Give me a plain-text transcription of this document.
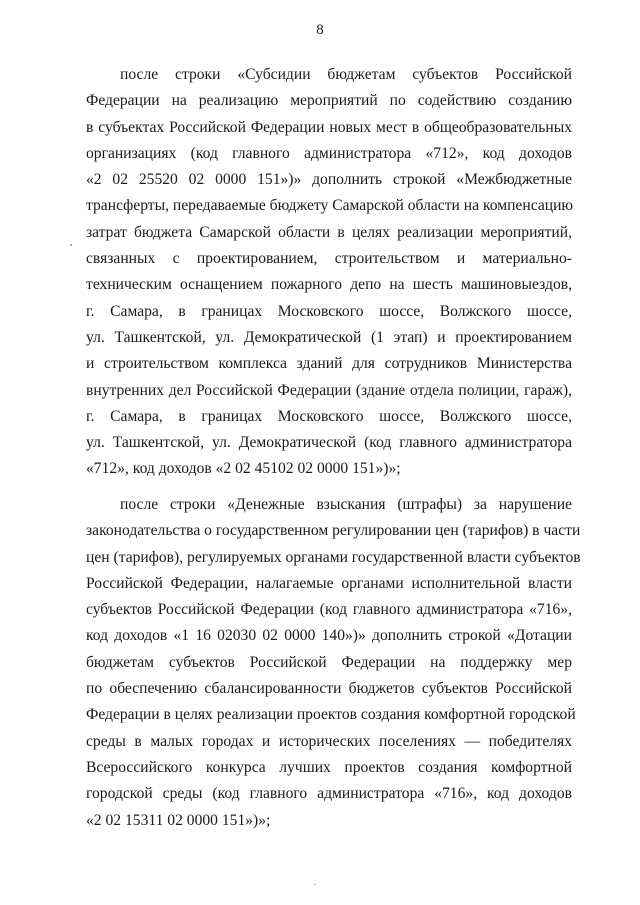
8
после строки «Субсидии бюджетам субъектов Российской
Федерации на реализацию мероприятий по содействию созданию
в субъектах Российской Федерации новых мест в общеобразовательных
организациях (код главного администратора «712», код доходов
«2 02 25520 02 0000 151»)» дополнить строкой «Межбюджетные
трансферты, передаваемые бюджету Самарской области на компенсацию
затрат бюджета Самарской области в целях реализации мероприятий,
связанных с проектированием, строительством и материально-
техническим оснащением пожарного депо на шесть машиновыездов,
г. Самара, в границах Московского шоссе, Волжского шоссе,
ул. Ташкентской, ул. Демократической (1 этап) и проектированием
и строительством комплекса зданий для сотрудников Министерства
внутренних дел Российской Федерации (здание отдела полиции, гараж),
г. Самара, в границах Московского шоссе, Волжского шоссе,
ул. Ташкентской, ул. Демократической (код главного администратора
«712», код доходов «2 02 45102 02 0000 151»)»;
после строки «Денежные взыскания (штрафы) за нарушение
законодательства о государственном регулировании цен (тарифов) в части
цен (тарифов), регулируемых органами государственной власти субъектов
Российской Федерации, налагаемые органами исполнительной власти
субъектов Российской Федерации (код главного администратора «716»,
код доходов «1 16 02030 02 0000 140»)» дополнить строкой «Дотации
бюджетам субъектов Российской Федерации на поддержку мер
по обеспечению сбалансированности бюджетов субъектов Российской
Федерации в целях реализации проектов создания комфортной городской
среды в малых городах и исторических поселениях — победителях
Всероссийского конкурса лучших проектов создания комфортной
городской среды (код главного администратора «716», код доходов
«2 02 15311 02 0000 151»)»;
